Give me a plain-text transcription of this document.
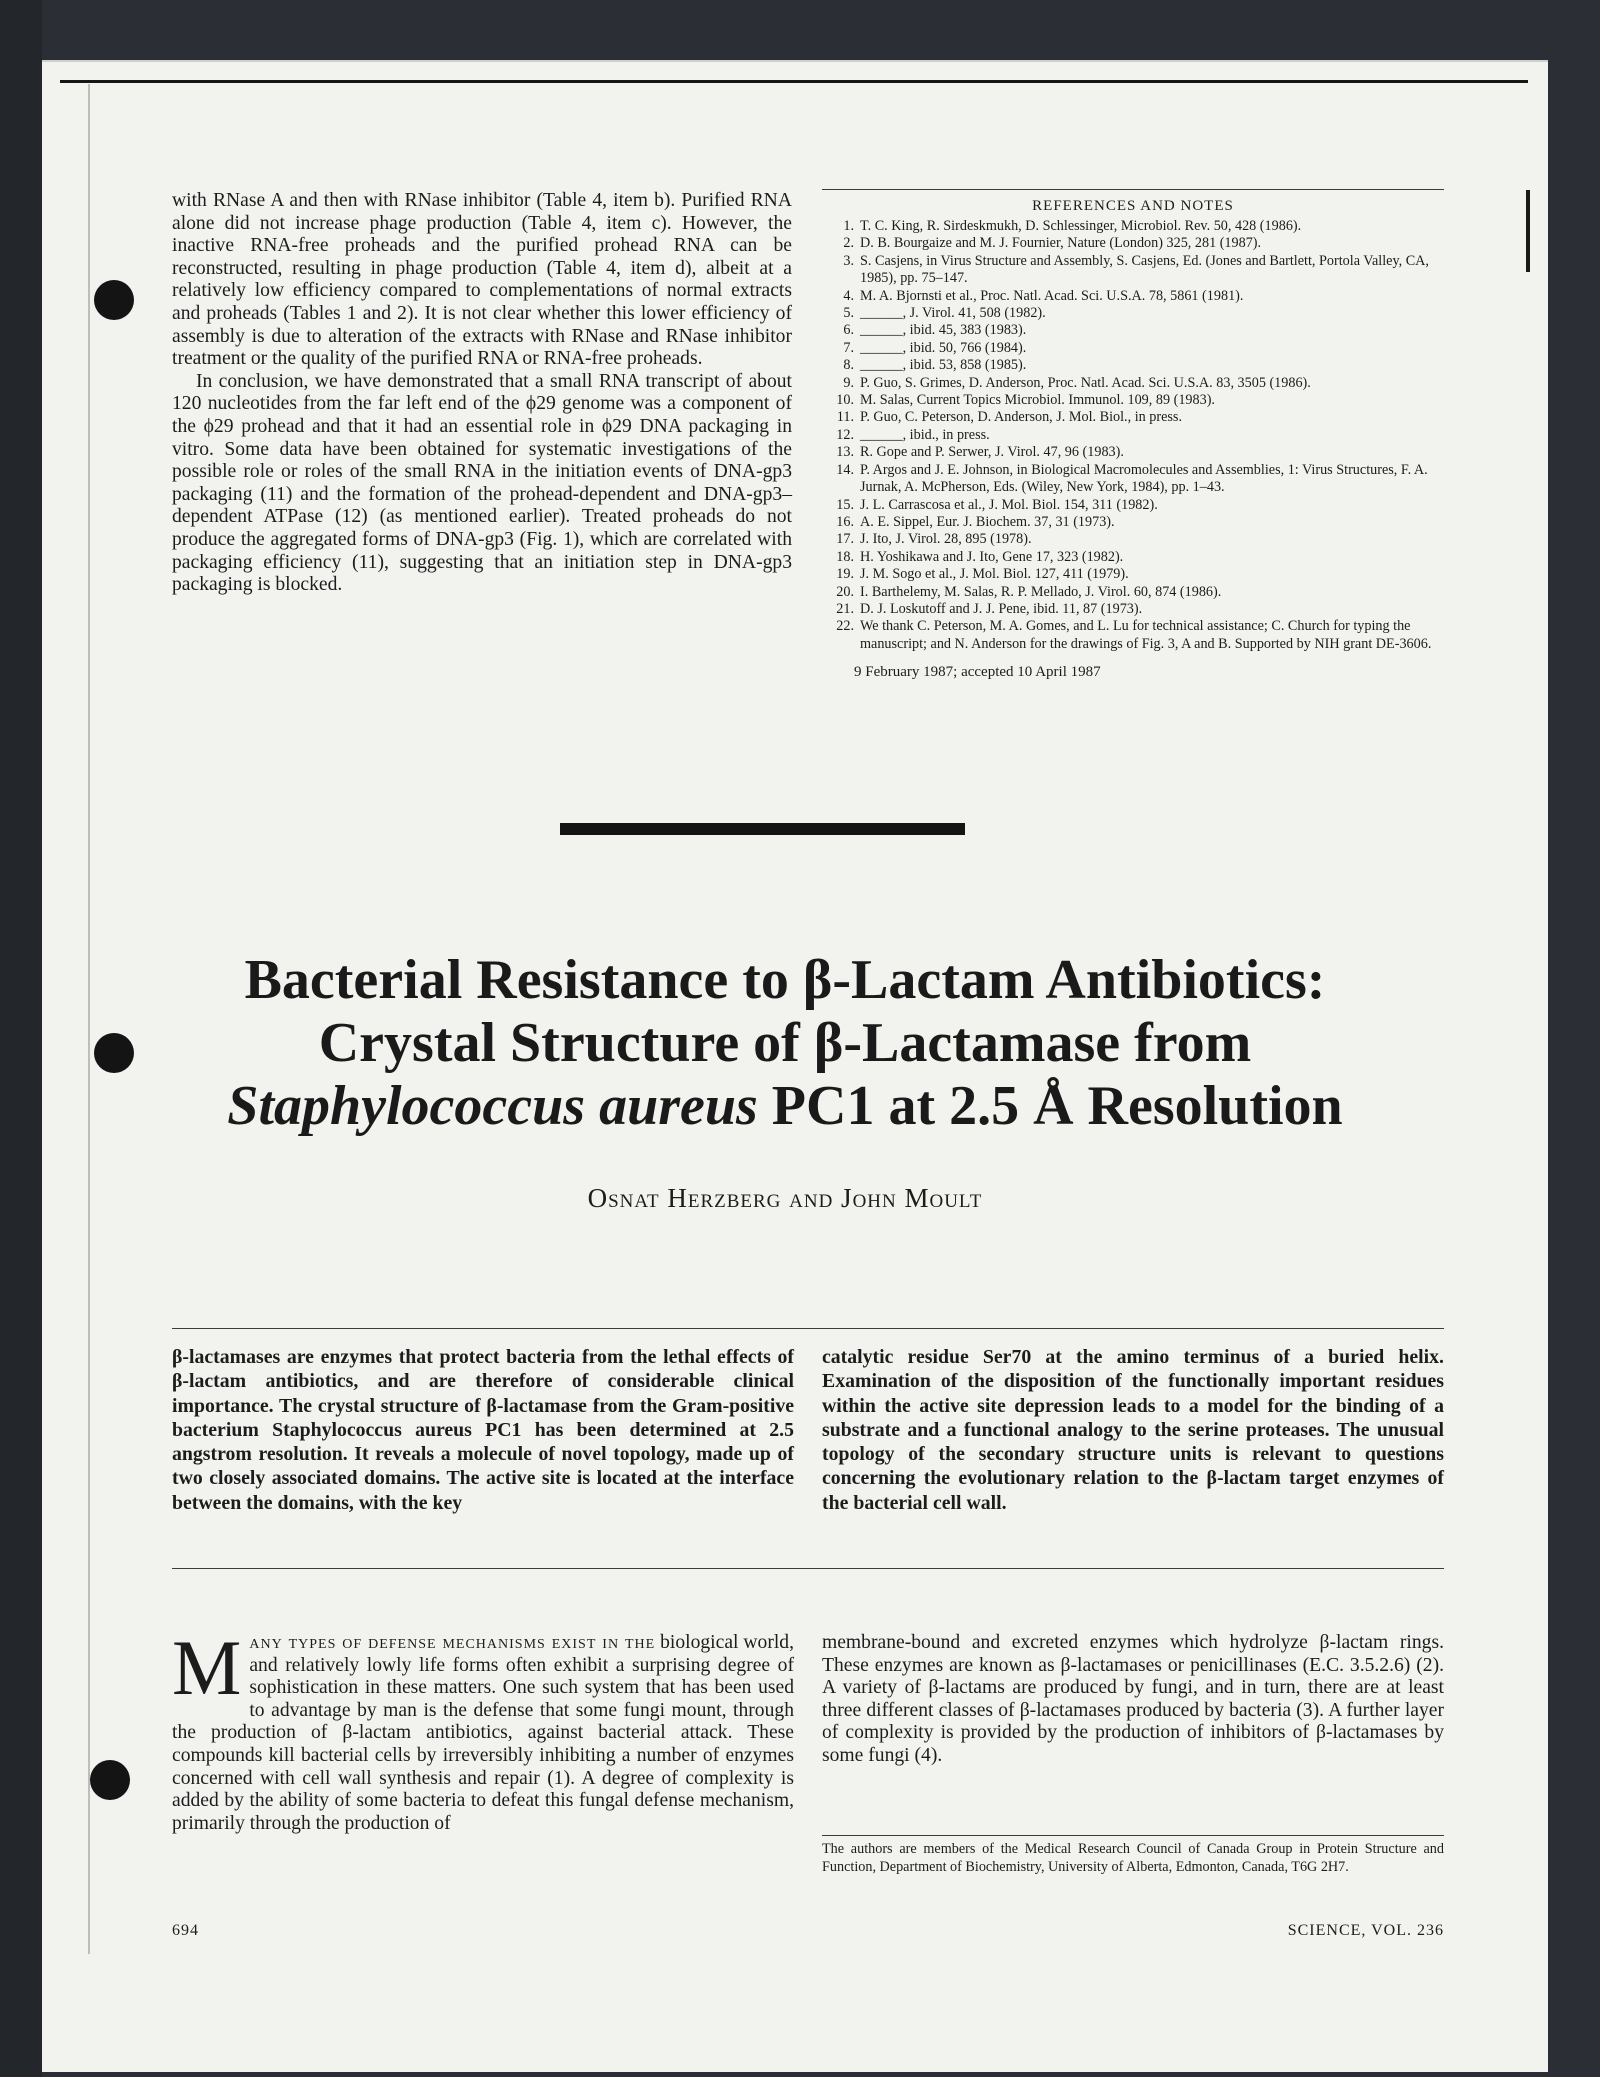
with RNase A and then with RNase inhibitor (Table 4, item b). Purified RNA alone did not increase phage production (Table 4, item c). However, the inactive RNA-free proheads and the purified prohead RNA can be reconstructed, resulting in phage production (Table 4, item d), albeit at a relatively low efficiency compared to complementations of normal extracts and proheads (Tables 1 and 2). It is not clear whether this lower efficiency of assembly is due to alteration of the extracts with RNase and RNase inhibitor treatment or the quality of the purified RNA or RNA-free proheads.

In conclusion, we have demonstrated that a small RNA transcript of about 120 nucleotides from the far left end of the ϕ29 genome was a component of the ϕ29 prohead and that it had an essential role in ϕ29 DNA packaging in vitro. Some data have been obtained for systematic investigations of the possible role or roles of the small RNA in the initiation events of DNA-gp3 packaging (11) and the formation of the prohead-dependent and DNA-gp3–dependent ATPase (12) (as mentioned earlier). Treated proheads do not produce the aggregated forms of DNA-gp3 (Fig. 1), which are correlated with packaging efficiency (11), suggesting that an initiation step in DNA-gp3 packaging is blocked.

REFERENCES AND NOTES
1. T. C. King, R. Sirdeskmukh, D. Schlessinger, Microbiol. Rev. 50, 428 (1986).
2. D. B. Bourgaize and M. J. Fournier, Nature (London) 325, 281 (1987).
3. S. Casjens, in Virus Structure and Assembly, S. Casjens, Ed. (Jones and Bartlett, Portola Valley, CA, 1985), pp. 75–147.
4. M. A. Bjornsti et al., Proc. Natl. Acad. Sci. U.S.A. 78, 5861 (1981).
5. ______, J. Virol. 41, 508 (1982).
6. ______, ibid. 45, 383 (1983).
7. ______, ibid. 50, 766 (1984).
8. ______, ibid. 53, 858 (1985).
9. P. Guo, S. Grimes, D. Anderson, Proc. Natl. Acad. Sci. U.S.A. 83, 3505 (1986).
10. M. Salas, Current Topics Microbiol. Immunol. 109, 89 (1983).
11. P. Guo, C. Peterson, D. Anderson, J. Mol. Biol., in press.
12. ______, ibid., in press.
13. R. Gope and P. Serwer, J. Virol. 47, 96 (1983).
14. P. Argos and J. E. Johnson, in Biological Macromolecules and Assemblies, 1: Virus Structures, F. A. Jurnak, A. McPherson, Eds. (Wiley, New York, 1984), pp. 1–43.
15. J. L. Carrascosa et al., J. Mol. Biol. 154, 311 (1982).
16. A. E. Sippel, Eur. J. Biochem. 37, 31 (1973).
17. J. Ito, J. Virol. 28, 895 (1978).
18. H. Yoshikawa and J. Ito, Gene 17, 323 (1982).
19. J. M. Sogo et al., J. Mol. Biol. 127, 411 (1979).
20. I. Barthelemy, M. Salas, R. P. Mellado, J. Virol. 60, 874 (1986).
21. D. J. Loskutoff and J. J. Pene, ibid. 11, 87 (1973).
22. We thank C. Peterson, M. A. Gomes, and L. Lu for technical assistance; C. Church for typing the manuscript; and N. Anderson for the drawings of Fig. 3, A and B. Supported by NIH grant DE-3606.
9 February 1987; accepted 10 April 1987
Bacterial Resistance to β-Lactam Antibiotics:
Crystal Structure of β-Lactamase from
Staphylococcus aureus PC1 at 2.5 Å Resolution
Osnat Herzberg and John Moult
β-lactamases are enzymes that protect bacteria from the lethal effects of β-lactam antibiotics, and are therefore of considerable clinical importance. The crystal structure of β-lactamase from the Gram-positive bacterium Staphylococcus aureus PC1 has been determined at 2.5 angstrom resolution. It reveals a molecule of novel topology, made up of two closely associated domains. The active site is located at the interface between the domains, with the key
catalytic residue Ser70 at the amino terminus of a buried helix. Examination of the disposition of the functionally important residues within the active site depression leads to a model for the binding of a substrate and a functional analogy to the serine proteases. The unusual topology of the secondary structure units is relevant to questions concerning the evolutionary relation to the β-lactam target enzymes of the bacterial cell wall.
M any types of defense mechanisms exist in the biological world, and relatively lowly life forms often exhibit a surprising degree of sophistication in these matters. One such system that has been used to advantage by man is the defense that some fungi mount, through the production of β-lactam antibiotics, against bacterial attack. These compounds kill bacterial cells by irreversibly inhibiting a number of enzymes concerned with cell wall synthesis and repair (1). A degree of complexity is added by the ability of some bacteria to defeat this fungal defense mechanism, primarily through the production of

membrane-bound and excreted enzymes which hydrolyze β-lactam rings. These enzymes are known as β-lactamases or penicillinases (E.C. 3.5.2.6) (2). A variety of β-lactams are produced by fungi, and in turn, there are at least three different classes of β-lactamases produced by bacteria (3). A further layer of complexity is provided by the production of inhibitors of β-lactamases by some fungi (4).

The authors are members of the Medical Research Council of Canada Group in Protein Structure and Function, Department of Biochemistry, University of Alberta, Edmonton, Canada, T6G 2H7.
694	SCIENCE, VOL. 236
